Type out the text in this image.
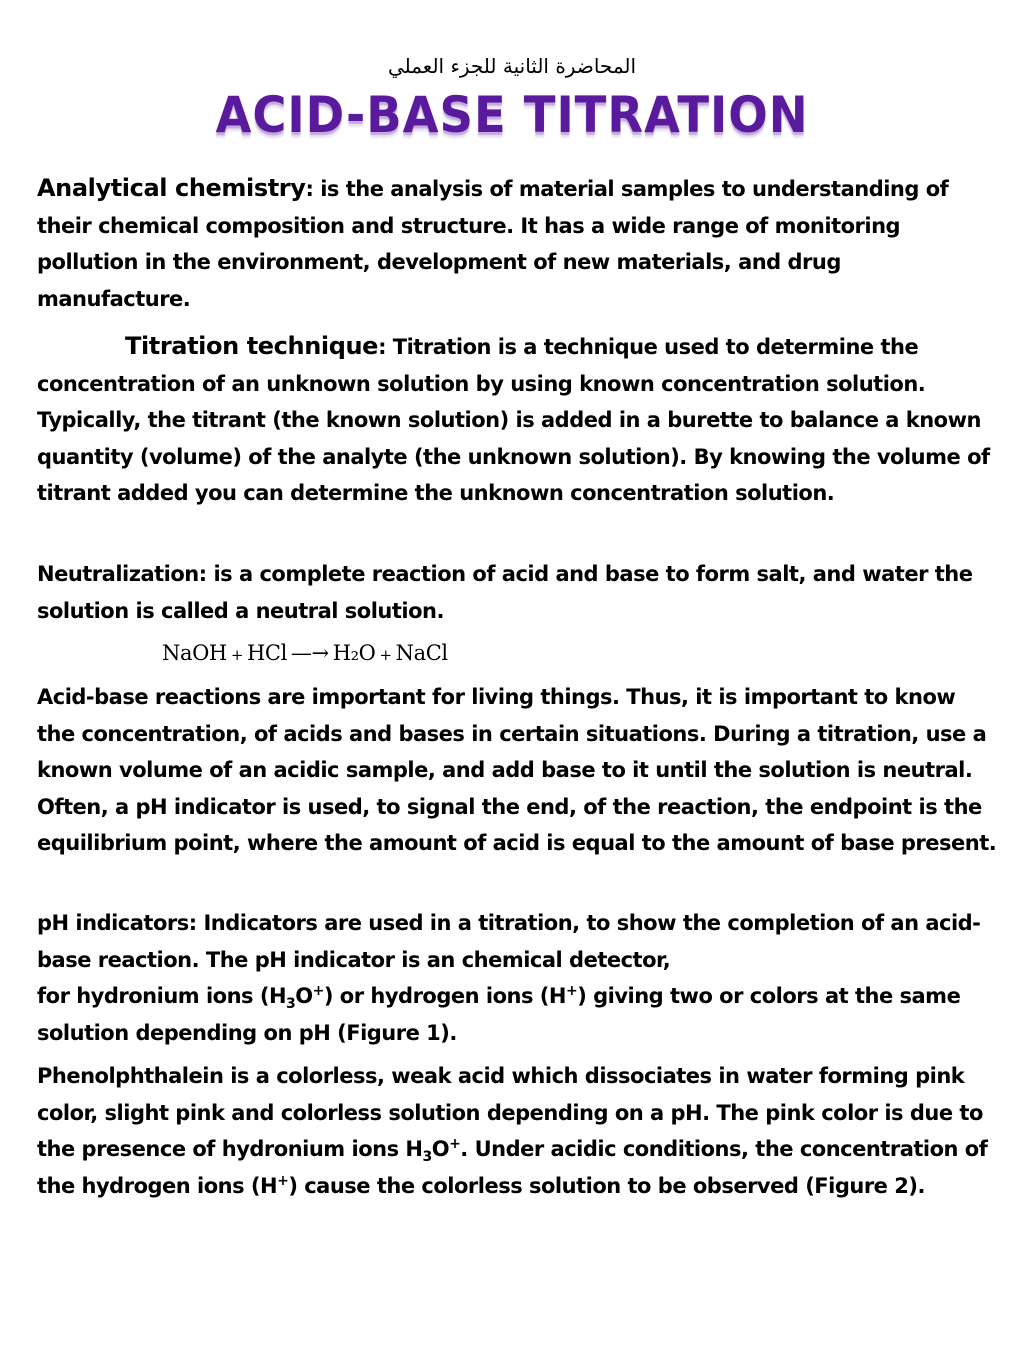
المحاضرة الثانية للجزء العملي
ACID-BASE TITRATION
Analytical chemistry: is the analysis of material samples to understanding of their chemical composition and structure. It has a wide range of monitoring pollution in the environment, development of new materials, and drug manufacture.
Titration technique: Titration is a technique used to determine the concentration of an unknown solution by using known concentration solution. Typically, the titrant (the known solution) is added in a burette to balance a known quantity (volume) of the analyte (the unknown solution). By knowing the volume of titrant added you can determine the unknown concentration solution.
Neutralization: is a complete reaction of acid and base to form salt, and water the solution is called a neutral solution.
NaOH + HCl —→ H₂O + NaCl
Acid-base reactions are important for living things. Thus, it is important to know the concentration, of acids and bases in certain situations. During a titration, use a known volume of an acidic sample, and add base to it until the solution is neutral. Often, a pH indicator is used, to signal the end, of the reaction, the endpoint is the equilibrium point, where the amount of acid is equal to the amount of base present.
pH indicators: Indicators are used in a titration, to show the completion of an acid-base reaction. The pH indicator is an chemical detector,
for hydronium ions $(H_3O^+)$ or hydrogen ions (H+) giving two or colors at the same solution depending on pH (Figure 1).
Phenolphthalein is a colorless, weak acid which dissociates in water forming pink color, slight pink and colorless solution depending on a pH. The pink color is due to the presence of hydronium ions $H_3O^+$. Under acidic conditions, the concentration of the hydrogen ions (H+) cause the colorless solution to be observed (Figure 2).
